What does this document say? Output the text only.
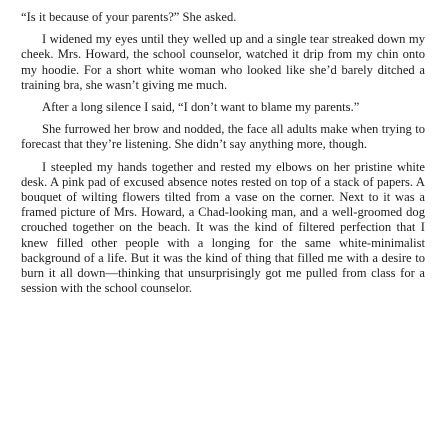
“Is it because of your parents?” She asked.

I widened my eyes until they welled up and a single tear streaked down my cheek. Mrs. Howard, the school counselor, watched it drip from my chin onto my hoodie. For a short white woman who looked like she’d barely ditched a training bra, she wasn’t giving me much.

After a long silence I said, “I don’t want to blame my parents.”

She furrowed her brow and nodded, the face all adults make when trying to forecast that they’re listening. She didn’t say anything more, though.

I steepled my hands together and rested my elbows on her pristine white desk. A pink pad of excused absence notes rested on top of a stack of papers. A bouquet of wilting flowers tilted from a vase on the corner. Next to it was a framed picture of Mrs. Howard, a Chad-looking man, and a well-groomed dog crouched together on the beach. It was the kind of filtered perfection that I knew filled other people with a longing for the same white-minimalist background of a life. But it was the kind of thing that filled me with a desire to burn it all down—thinking that unsurprisingly got me pulled from class for a session with the school counselor.
